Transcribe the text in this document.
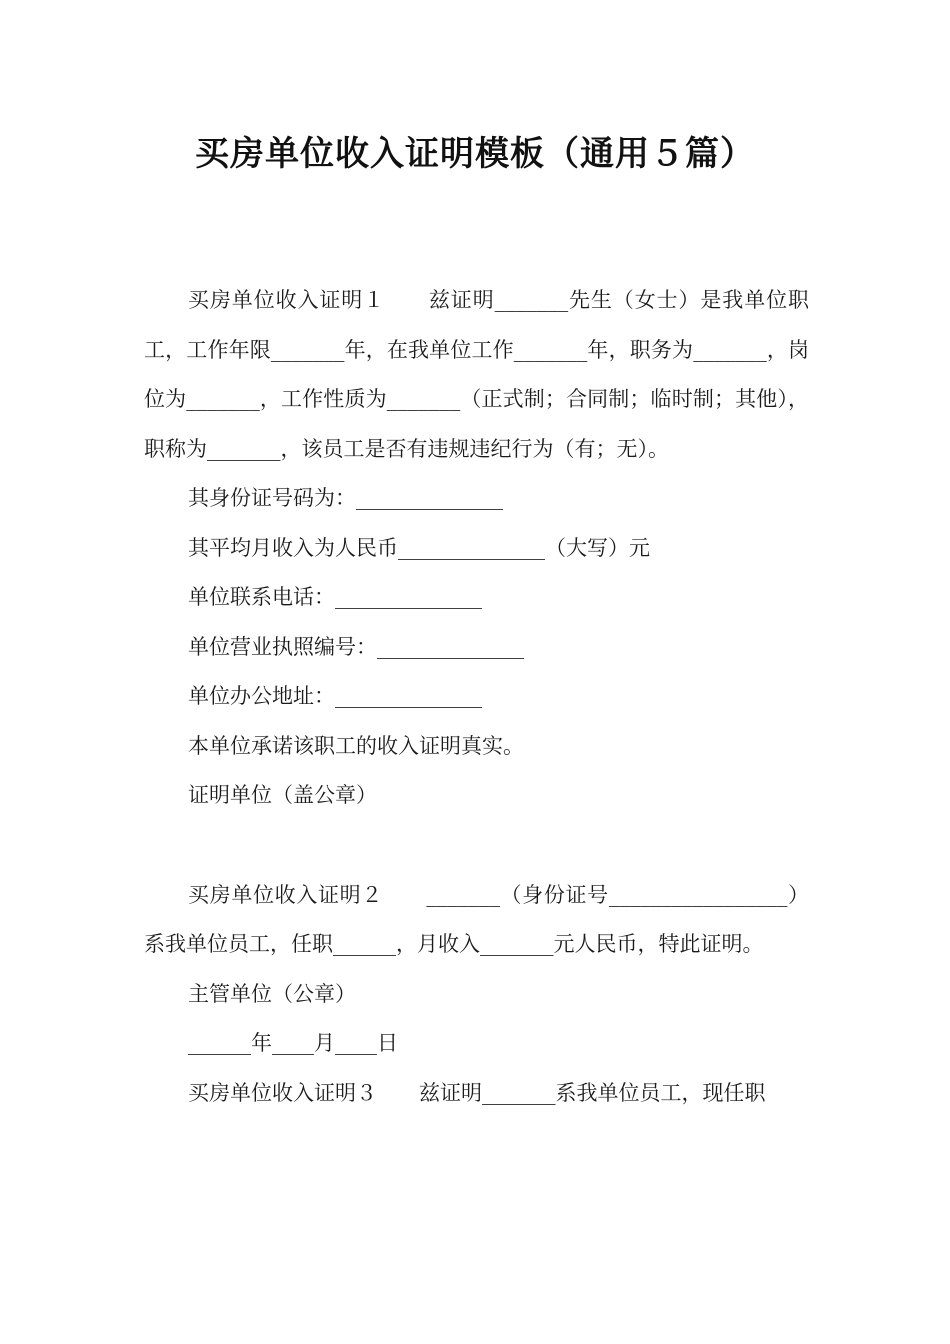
买房单位收入证明模板（通用５篇）

买房单位收入证明１　　兹证明_______先生（女士）是我单位职工，工作年限_______年，在我单位工作_______年，职务为_______，岗位为_______，工作性质为_______（正式制；合同制；临时制；其他），职称为_______，该员工是否有违规违纪行为（有；无）。

其身份证号码为：______________

其平均月收入为人民币______________（大写）元

单位联系电话：______________

单位营业执照编号：______________

单位办公地址：______________

本单位承诺该职工的收入证明真实。

证明单位（盖公章）

买房单位收入证明２　　_______（身份证号_________________）系我单位员工，任职______，月收入_______元人民币，特此证明。

主管单位（公章）

______年____月____日

买房单位收入证明３　　兹证明_______系我单位员工，现任职
